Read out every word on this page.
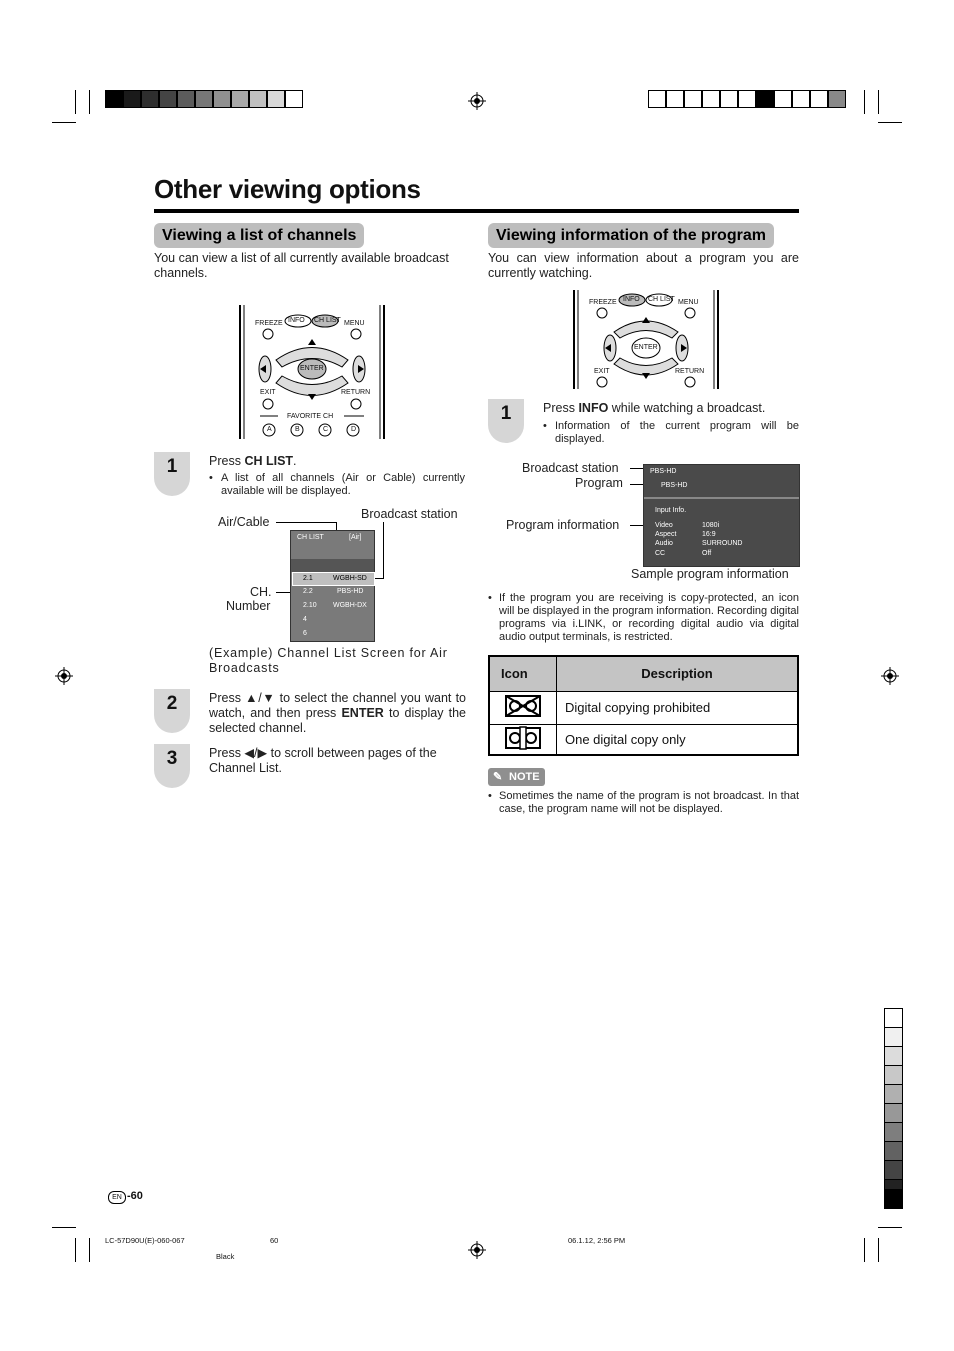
Other viewing options
Viewing a list of channels
You can view a list of all currently available broadcast channels.
FREEZE INFO CH LIST MENU
ENTER
EXIT	RETURN
FAVORITE CH
A	B	C	D
1	Press CH LIST.
• A list of all channels (Air or Cable) currently available will be displayed.
Air/Cable
Broadcast station
CH.
Number
CH LIST	[Air]
2.1	WGBH-SD
2.2	PBS-HD
2.10 WGBH-DX
4
6
(Example) Channel List Screen for Air Broadcasts
2	Press ▲/▼ to select the channel you want to watch, and then press ENTER to display the selected channel.
3	Press ◀/▶ to scroll between pages of the Channel List.
Viewing information of the program
You can view information about a program you are currently watching.
FREEZE INFO CH LIST MENU
ENTER
EXIT	RETURN
1	Press INFO while watching a broadcast.
• Information of the current program will be displayed.
Broadcast station
Program
Program information
PBS-HD
PBS-HD
Input Info.
Video	1080i
Aspect	16:9
Audio	SURROUND
CC	Off
Sample program information
• If the program you are receiving is copy-protected, an icon will be displayed in the program information. Recording digital programs via i.LINK, or recording digital audio via digital audio output terminals, is restricted.
Icon	Description
	Digital copying prohibited
	One digital copy only
✎ NOTE
• Sometimes the name of the program is not broadcast. In that case, the program name will not be displayed.
EN -60
LC-57D90U(E)-060-067	60	06.1.12, 2:56 PM
Black
